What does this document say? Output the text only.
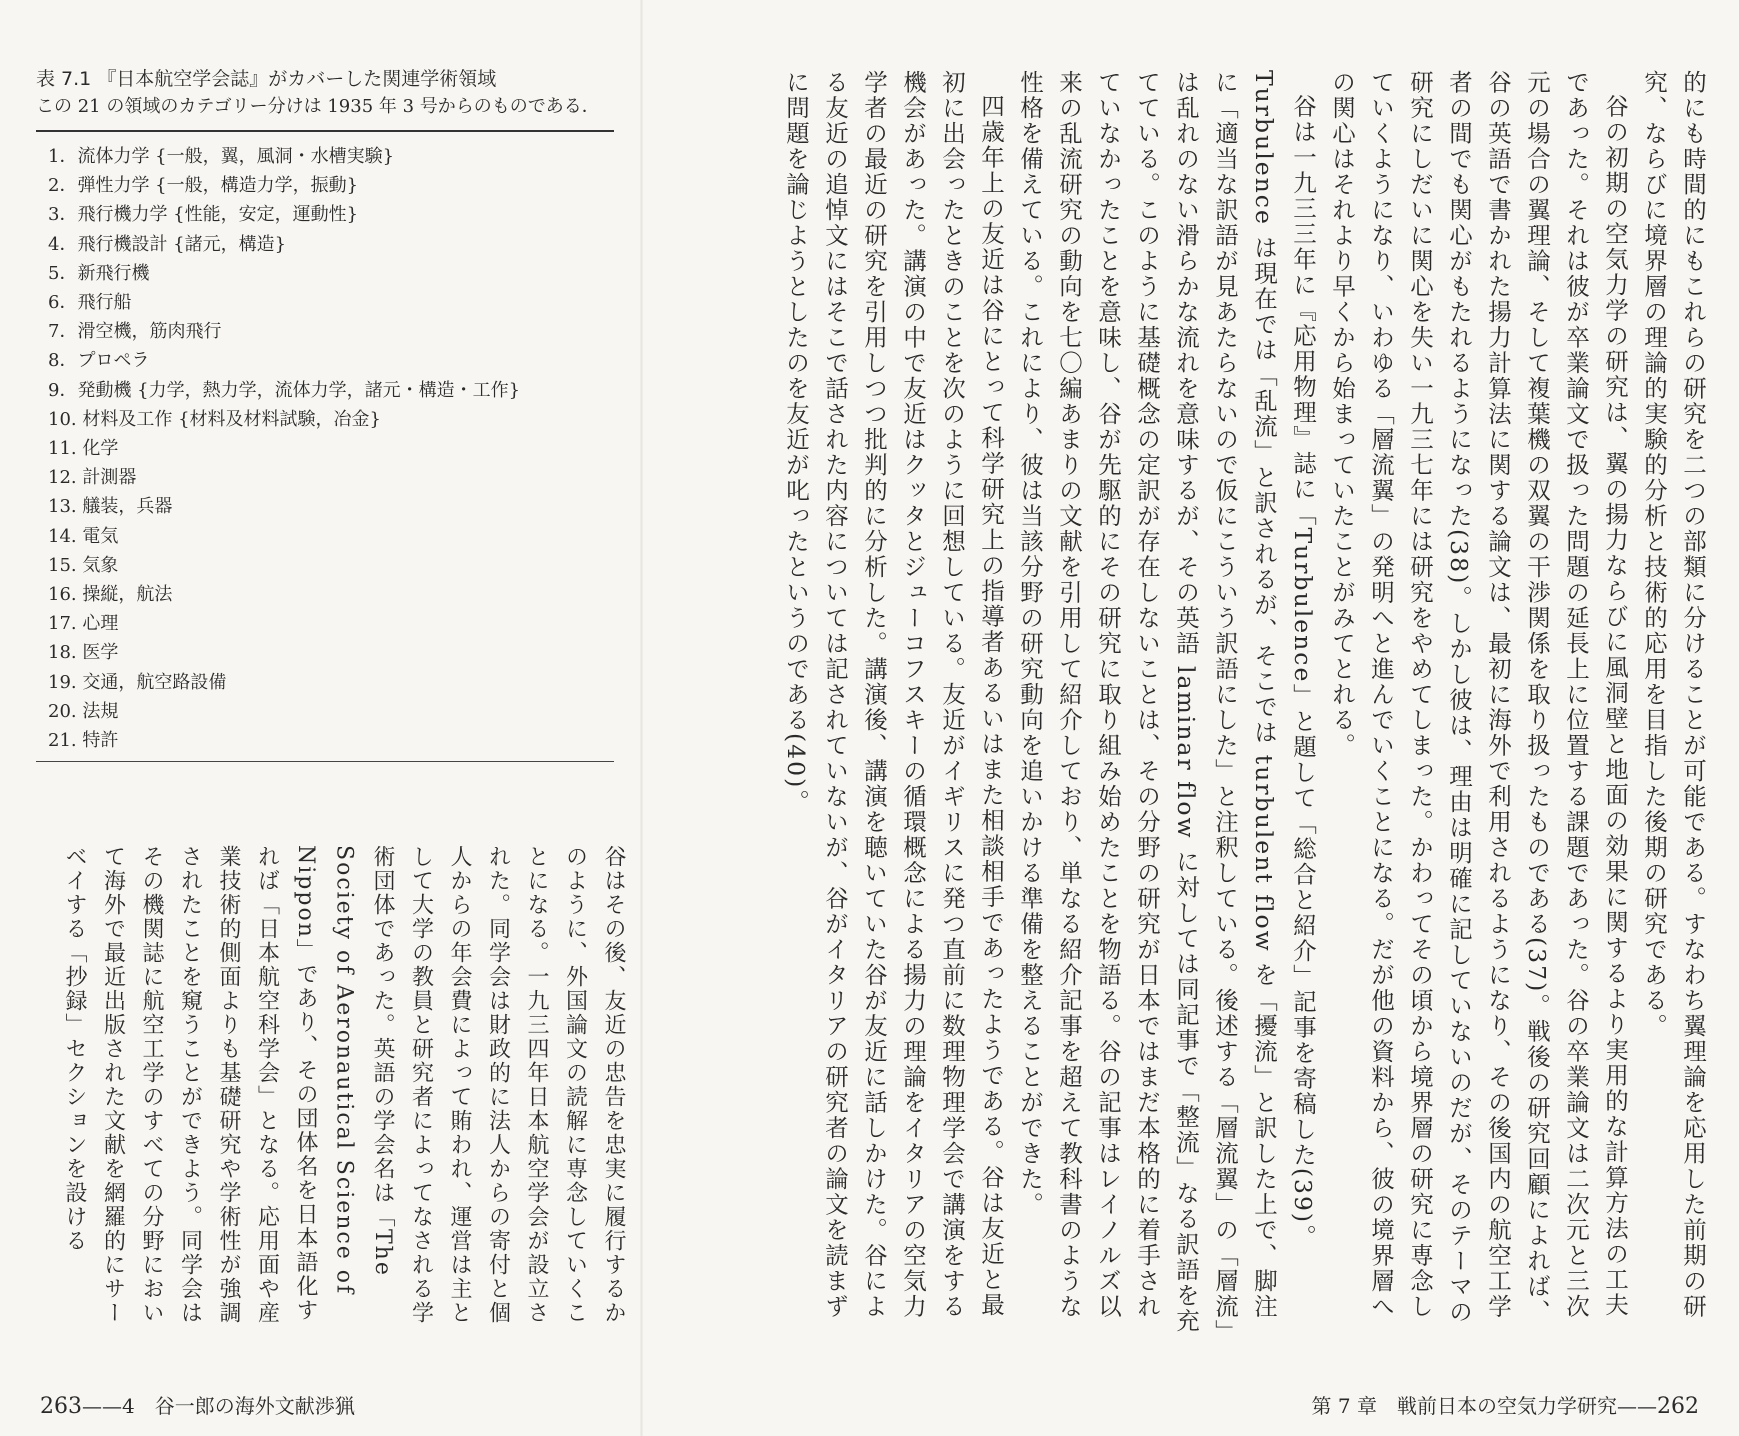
表 7.1 『日本航空学会誌』がカバーした関連学術領域
この 21 の領域のカテゴリー分けは 1935 年 3 号からのものである．

1．流体力学 {一般，翼，風洞・水槽実験}
2．弾性力学 {一般，構造力学，振動}
3．飛行機力学 {性能，安定，運動性}
4．飛行機設計 {諸元，構造}
5．新飛行機
6．飛行船
7．滑空機，筋肉飛行
8．プロペラ
9．発動機 {力学，熱力学，流体力学，諸元・構造・工作}
10. 材料及工作 {材料及材料試験，冶金}
11. 化学
12. 計測器
13. 艤装，兵器
14. 電気
15. 気象
16. 操縦，航法
17. 心理
18. 医学
19. 交通，航空路設備
20. 法規
21. 特許

谷はその後、友近の忠告を忠実に履行するかのように、外国論文の読解に専念していくことになる。一九三四年日本航空学会が設立された。同学会は財政的に法人からの寄付と個人からの年会費によって賄われ、運営は主として大学の教員と研究者によってなされる学術団体であった。英語の学会名は「The Society of Aeronautical Science of Nippon」であり、その団体名を日本語化すれば「日本航空科学会」となる。応用面や産業技術的側面よりも基礎研究や学術性が強調されたことを窺うことができよう。同学会はその機関誌に航空工学のすべての分野において海外で最近出版された文献を網羅的にサーベイする「抄録」セクションを設ける	的にも時間的にもこれらの研究を二つの部類に分けることが可能である。すなわち翼理論を応用した前期の研究、ならびに境界層の理論的実験的分析と技術的応用を目指した後期の研究である。

谷の初期の空気力学の研究は、翼の揚力ならびに風洞壁と地面の効果に関するより実用的な計算方法の工夫であった。それは彼が卒業論文で扱った問題の延長上に位置する課題であった。谷の卒業論文は二次元と三次元の場合の翼理論、そして複葉機の双翼の干渉関係を取り扱ったものである(37)。戦後の研究回顧によれば、谷の英語で書かれた揚力計算法に関する論文は、最初に海外で利用されるようになり、その後国内の航空工学者の間でも関心がもたれるようになった(38)。しかし彼は、理由は明確に記していないのだが、そのテーマの研究にしだいに関心を失い一九三七年には研究をやめてしまった。かわってその頃から境界層の研究に専念していくようになり、いわゆる「層流翼」の発明へと進んでいくことになる。だが他の資料から、彼の境界層への関心はそれより早くから始まっていたことがみてとれる。

谷は一九三三年に『応用物理』誌に「Turbulence」と題して「総合と紹介」記事を寄稿した(39)。Turbulence は現在では「乱流」と訳されるが、そこでは turbulent flow を「擾流」と訳した上で、脚注に「適当な訳語が見あたらないので仮にこういう訳語にした」と注釈している。後述する「層流翼」の「層流」は乱れのない滑らかな流れを意味するが、その英語 laminar flow に対しては同記事で「整流」なる訳語を充てている。このように基礎概念の定訳が存在しないことは、その分野の研究が日本ではまだ本格的に着手されていなかったことを意味し、谷が先駆的にその研究に取り組み始めたことを物語る。谷の記事はレイノルズ以来の乱流研究の動向を七〇編あまりの文献を引用して紹介しており、単なる紹介記事を超えて教科書のような性格を備えている。これにより、彼は当該分野の研究動向を追いかける準備を整えることができた。

四歳年上の友近は谷にとって科学研究上の指導者あるいはまた相談相手であったようである。谷は友近と最初に出会ったときのことを次のように回想している。友近がイギリスに発つ直前に数理物理学会で講演をする機会があった。講演の中で友近はクッタとジューコフスキーの循環概念による揚力の理論をイタリアの空気力学者の最近の研究を引用しつつ批判的に分析した。講演後、講演を聴いていた谷が友近に話しかけた。谷による友近の追悼文にはそこで話された内容については記されていないが、谷がイタリアの研究者の論文を読まずに問題を論じようとしたのを友近が叱ったというのである(40)。

263——4　谷一郎の海外文献渉猟	第 7 章　戦前日本の空気力学研究——262
